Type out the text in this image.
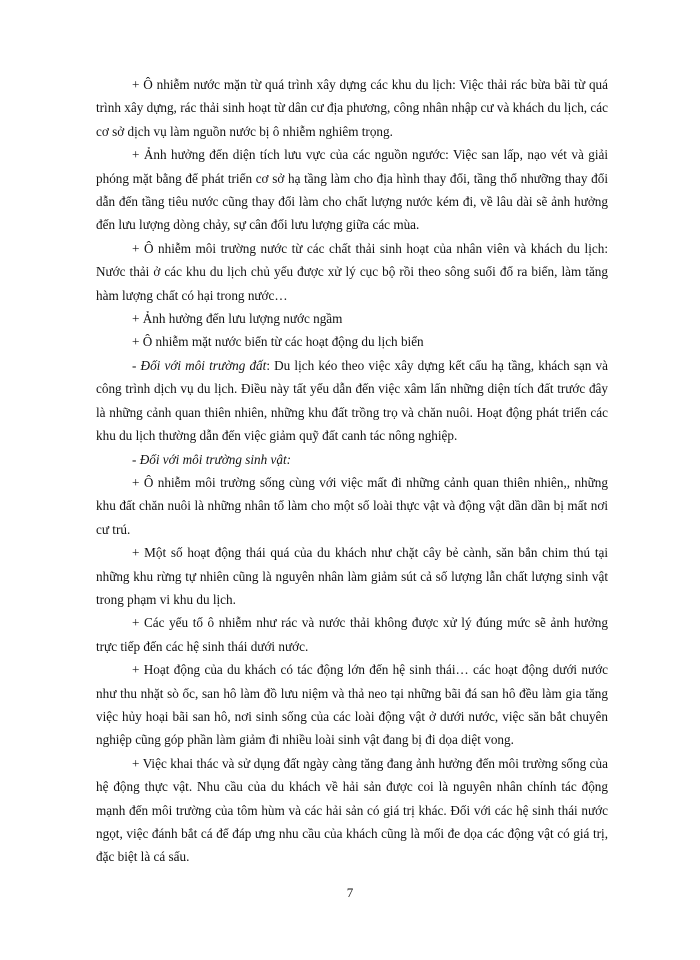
+ Ô nhiễm nước mặn từ quá trình xây dựng các khu du lịch: Việc thải rác bừa bãi từ quá trình xây dựng, rác thải sinh hoạt từ dân cư địa phương, công nhân nhập cư và khách du lịch, các cơ sở dịch vụ làm nguồn nước bị ô nhiễm nghiêm trọng.

+ Ảnh hưởng đến diện tích lưu vực của các nguồn ngước: Việc san lấp, nạo vét và giải phóng mặt bằng để phát triển cơ sở hạ tầng làm cho địa hình thay đổi, tầng thổ nhưỡng thay đổi dẫn đến tầng tiêu nước cũng thay đổi làm cho chất lượng nước kém đi, về lâu dài sẽ ảnh hưởng đến lưu lượng dòng chảy, sự cân đối lưu lượng giữa các mùa.

+ Ô nhiễm môi trường nước từ các chất thải sinh hoạt của nhân viên và khách du lịch: Nước thải ở các khu du lịch chủ yếu được xử lý cục bộ rồi theo sông suối đổ ra biển, làm tăng hàm lượng chất có hại trong nước…

+ Ảnh hưởng đến lưu lượng nước ngầm

+ Ô nhiễm mặt nước biển từ các hoạt động du lịch biển

- Đối với môi trường đất: Du lịch kéo theo việc xây dựng kết cấu hạ tầng, khách sạn và công trình dịch vụ du lịch. Điều này tất yếu dẫn đến việc xâm lấn những diện tích đất trước đây là những cảnh quan thiên nhiên, những khu đất trồng trọ và chăn nuôi. Hoạt động phát triển các khu du lịch thường dẫn đến việc giảm quỹ đất canh tác nông nghiệp.

- Đối với môi trường sinh vật:

+ Ô nhiễm môi trường sống cùng với việc mất đi những cảnh quan thiên nhiên,, những khu đất chăn nuôi là những nhân tố làm cho một số loài thực vật và động vật dần dần bị mất nơi cư trú.

+ Một số hoạt động thái quá của du khách như chặt cây bẻ cành, săn bắn chim thú tại những khu rừng tự nhiên cũng là nguyên nhân làm giảm sút cả số lượng lẫn chất lượng sinh vật trong phạm vi khu du lịch.

+ Các yếu tố ô nhiễm như rác và nước thải không được xử lý đúng mức sẽ ảnh hưởng trực tiếp đến các hệ sinh thái dưới nước.

+ Hoạt động của du khách có tác động lớn đến hệ sinh thái… các hoạt động dưới nước như thu nhặt sò ốc, san hô làm đồ lưu niệm và thả neo tại những bãi đá san hô đều làm gia tăng việc hủy hoại bãi san hô, nơi sinh sống của các loài động vật ở dưới nước, việc săn bắt chuyên nghiệp cũng góp phần làm giảm đi nhiều loài sinh vật đang bị đi dọa diệt vong.

+ Việc khai thác và sử dụng đất ngày càng tăng đang ảnh hưởng đến môi trường sống của hệ động thực vật. Nhu cầu của du khách về hải sản được coi là nguyên nhân chính tác động mạnh đến môi trường của tôm hùm và các hải sản có giá trị khác. Đối với các hệ sinh thái nước ngọt, việc đánh bắt cá để đáp ưng nhu cầu của khách cũng là mối đe dọa các động vật có giá trị, đặc biệt là cá sấu.

7
